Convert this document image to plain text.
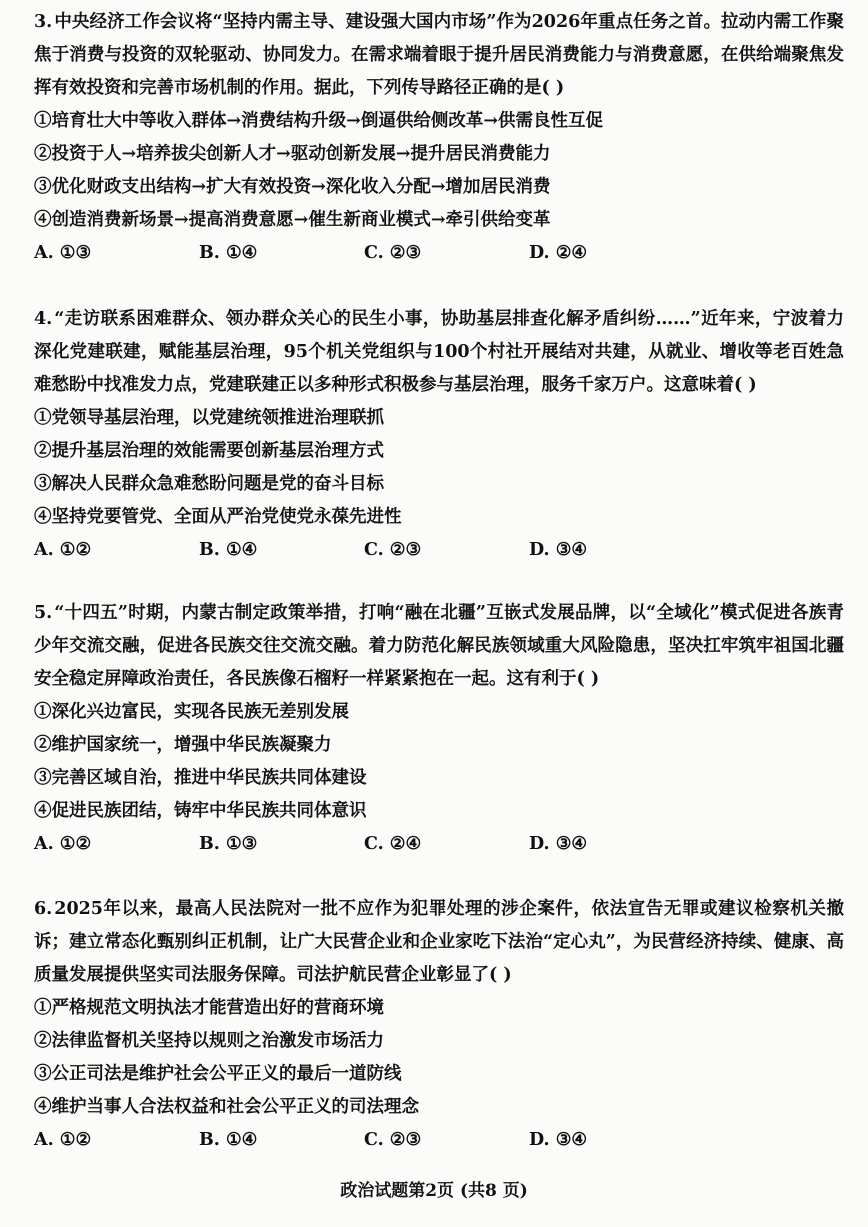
3. 中央经济工作会议将“坚持内需主导、建设强大国内市场”作为2026年重点任务之首。拉动内需工作聚焦于消费与投资的双轮驱动、协同发力。在需求端着眼于提升居民消费能力与消费意愿，在供给端聚焦发挥有效投资和完善市场机制的作用。据此，下列传导路径正确的是( )

①培育壮大中等收入群体→消费结构升级→倒逼供给侧改革→供需良性互促

②投资于人→培养拔尖创新人才→驱动创新发展→提升居民消费能力

③优化财政支出结构→扩大有效投资→深化收入分配→增加居民消费

④创造消费新场景→提高消费意愿→催生新商业模式→牵引供给变革

A. ①③	B. ①④	C. ②③	D. ②④

4. “走访联系困难群众、领办群众关心的民生小事，协助基层排查化解矛盾纠纷……”近年来，宁波着力深化党建联建，赋能基层治理，95个机关党组织与100个村社开展结对共建，从就业、增收等老百姓急难愁盼中找准发力点，党建联建正以多种形式积极参与基层治理，服务千家万户。这意味着( )

①党领导基层治理，以党建统领推进治理联抓

②提升基层治理的效能需要创新基层治理方式

③解决人民群众急难愁盼问题是党的奋斗目标

④坚持党要管党、全面从严治党使党永葆先进性

A. ①②	B. ①④	C. ②③	D. ③④

5. “十四五”时期，内蒙古制定政策举措，打响“融在北疆”互嵌式发展品牌，以“全域化”模式促进各族青少年交流交融，促进各民族交往交流交融。着力防范化解民族领域重大风险隐患，坚决扛牢筑牢祖国北疆安全稳定屏障政治责任，各民族像石榴籽一样紧紧抱在一起。这有利于( )

①深化兴边富民，实现各民族无差别发展

②维护国家统一，增强中华民族凝聚力

③完善区域自治，推进中华民族共同体建设

④促进民族团结，铸牢中华民族共同体意识

A. ①②	B. ①③	C. ②④	D. ③④

6. 2025年以来，最高人民法院对一批不应作为犯罪处理的涉企案件，依法宣告无罪或建议检察机关撤诉；建立常态化甄别纠正机制，让广大民营企业和企业家吃下法治“定心丸”，为民营经济持续、健康、高质量发展提供坚实司法服务保障。司法护航民营企业彰显了( )

①严格规范文明执法才能营造出好的营商环境

②法律监督机关坚持以规则之治激发市场活力

③公正司法是维护社会公平正义的最后一道防线

④维护当事人合法权益和社会公平正义的司法理念

A. ①②	B. ①④	C. ②③	D. ③④
政治试题第2页 (共8 页)
